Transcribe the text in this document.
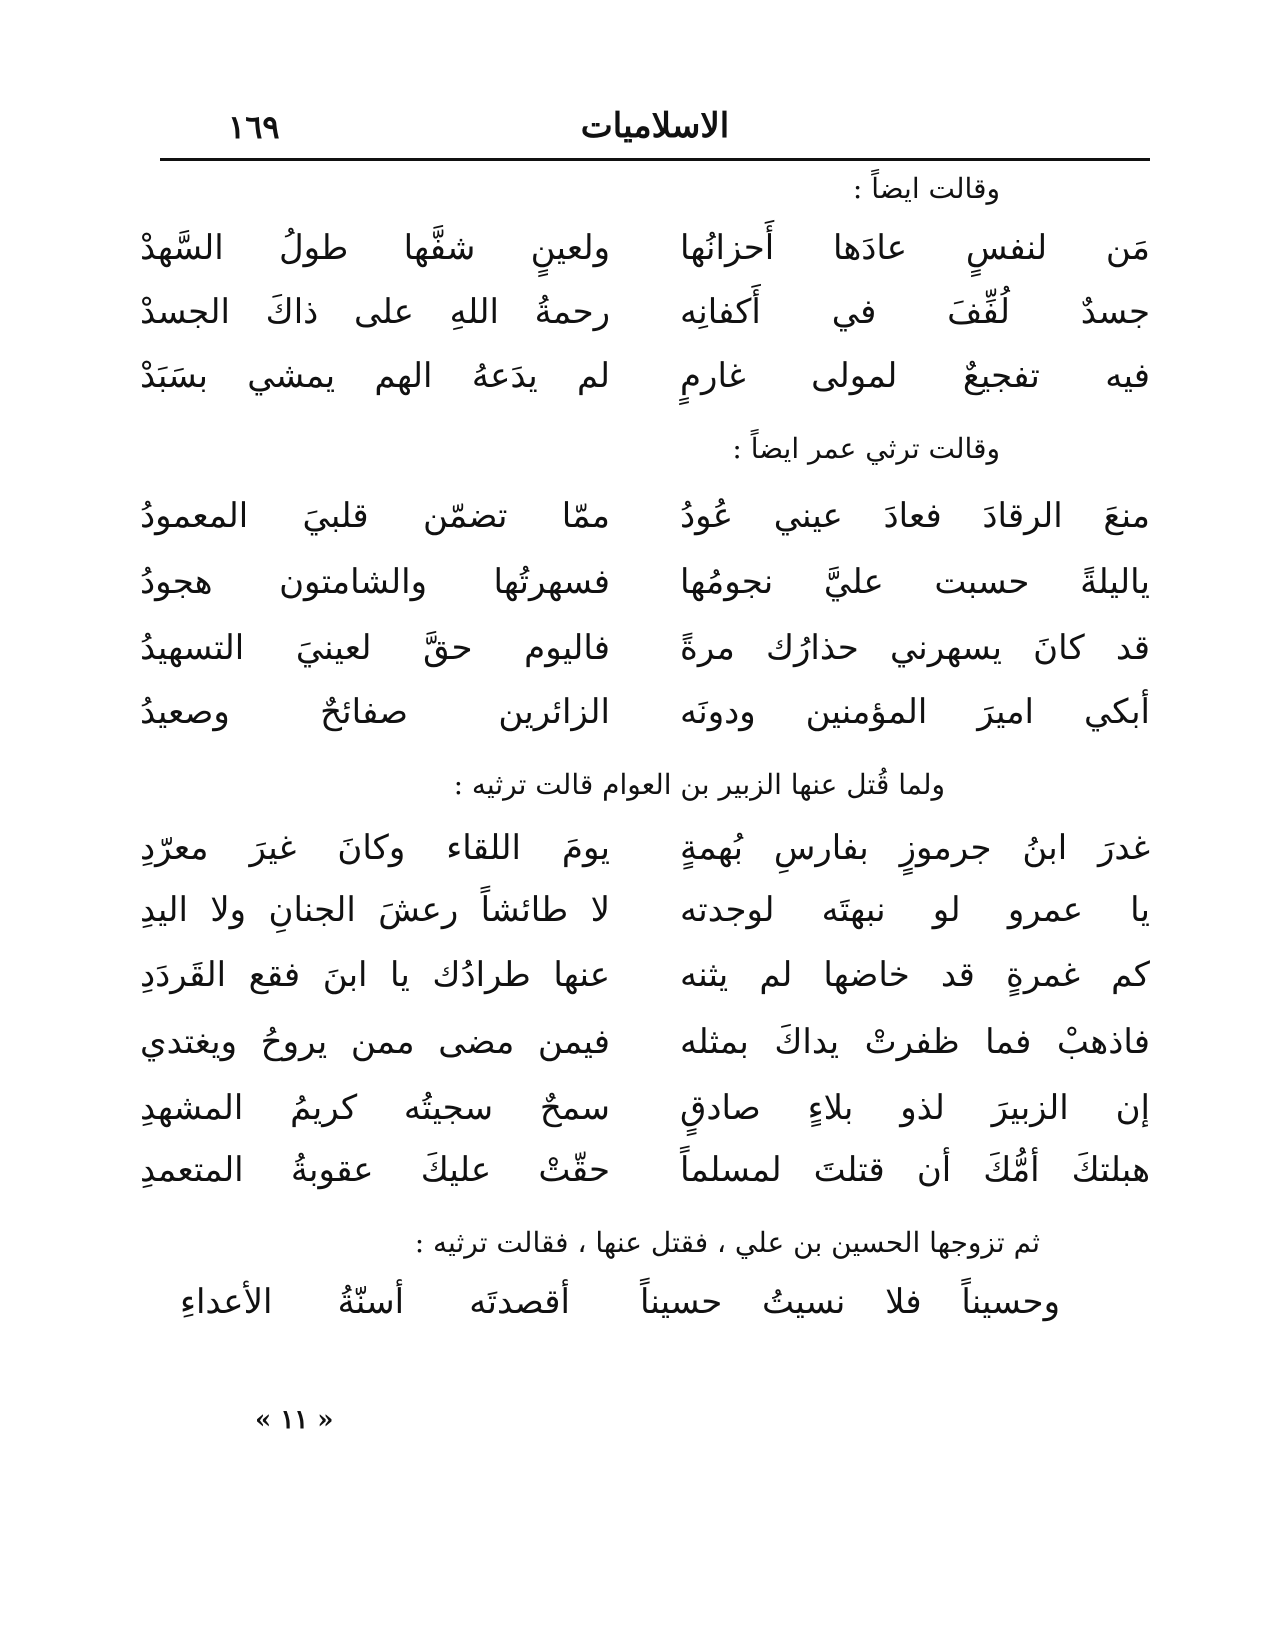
الاسلاميات
١٦٩
وقالت ايضاً :
مَن لنفسٍ عادَها أَحزانُها
ولعينٍ شفَّها طولُ السَّهدْ
جسدٌ لُفِّفَ في أَكفانِه
رحمةُ اللهِ على ذاكَ الجسدْ
فيه تفجيعٌ لمولى غارمٍ
لم يدَعهُ الهم يمشي بسَبَدْ
وقالت ترثي عمر ايضاً :
منعَ الرقادَ فعادَ عيني عُودُ
ممّا تضمّن قلبيَ المعمودُ
ياليلةً حسبت عليَّ نجومُها
فسهرتُها والشامتون هجودُ
قد كانَ يسهرني حذارُك مرةً
فاليوم حقَّ لعينيَ التسهيدُ
أبكي اميرَ المؤمنين ودونَه
الزائرين صفائحٌ وصعيدُ
ولما قُتل عنها الزبير بن العوام قالت ترثيه :
غدرَ ابنُ جرموزٍ بفارسِ بُهمةٍ
يومَ اللقاء وكانَ غيرَ معرّدِ
يا عمرو لو نبهتَه لوجدته
لا طائشاً رعشَ الجنانِ ولا اليدِ
كم غمرةٍ قد خاضها لم يثنه
عنها طرادُك يا ابنَ فقع القَردَدِ
فاذهبْ فما ظفرتْ يداكَ بمثله
فيمن مضى ممن يروحُ ويغتدي
إن الزبيرَ لذو بلاءٍ صادقٍ
سمحٌ سجيتُه كريمُ المشهدِ
هبلتكَ أمُّكَ أن قتلتَ لمسلماً
حقّتْ عليكَ عقوبةُ المتعمدِ
ثم تزوجها الحسين بن علي ، فقتل عنها ، فقالت ترثيه :
وحسيناً فلا نسيتُ حسيناً
أقصدتَه أسنّةُ الأعداءِ
« ١١ »
